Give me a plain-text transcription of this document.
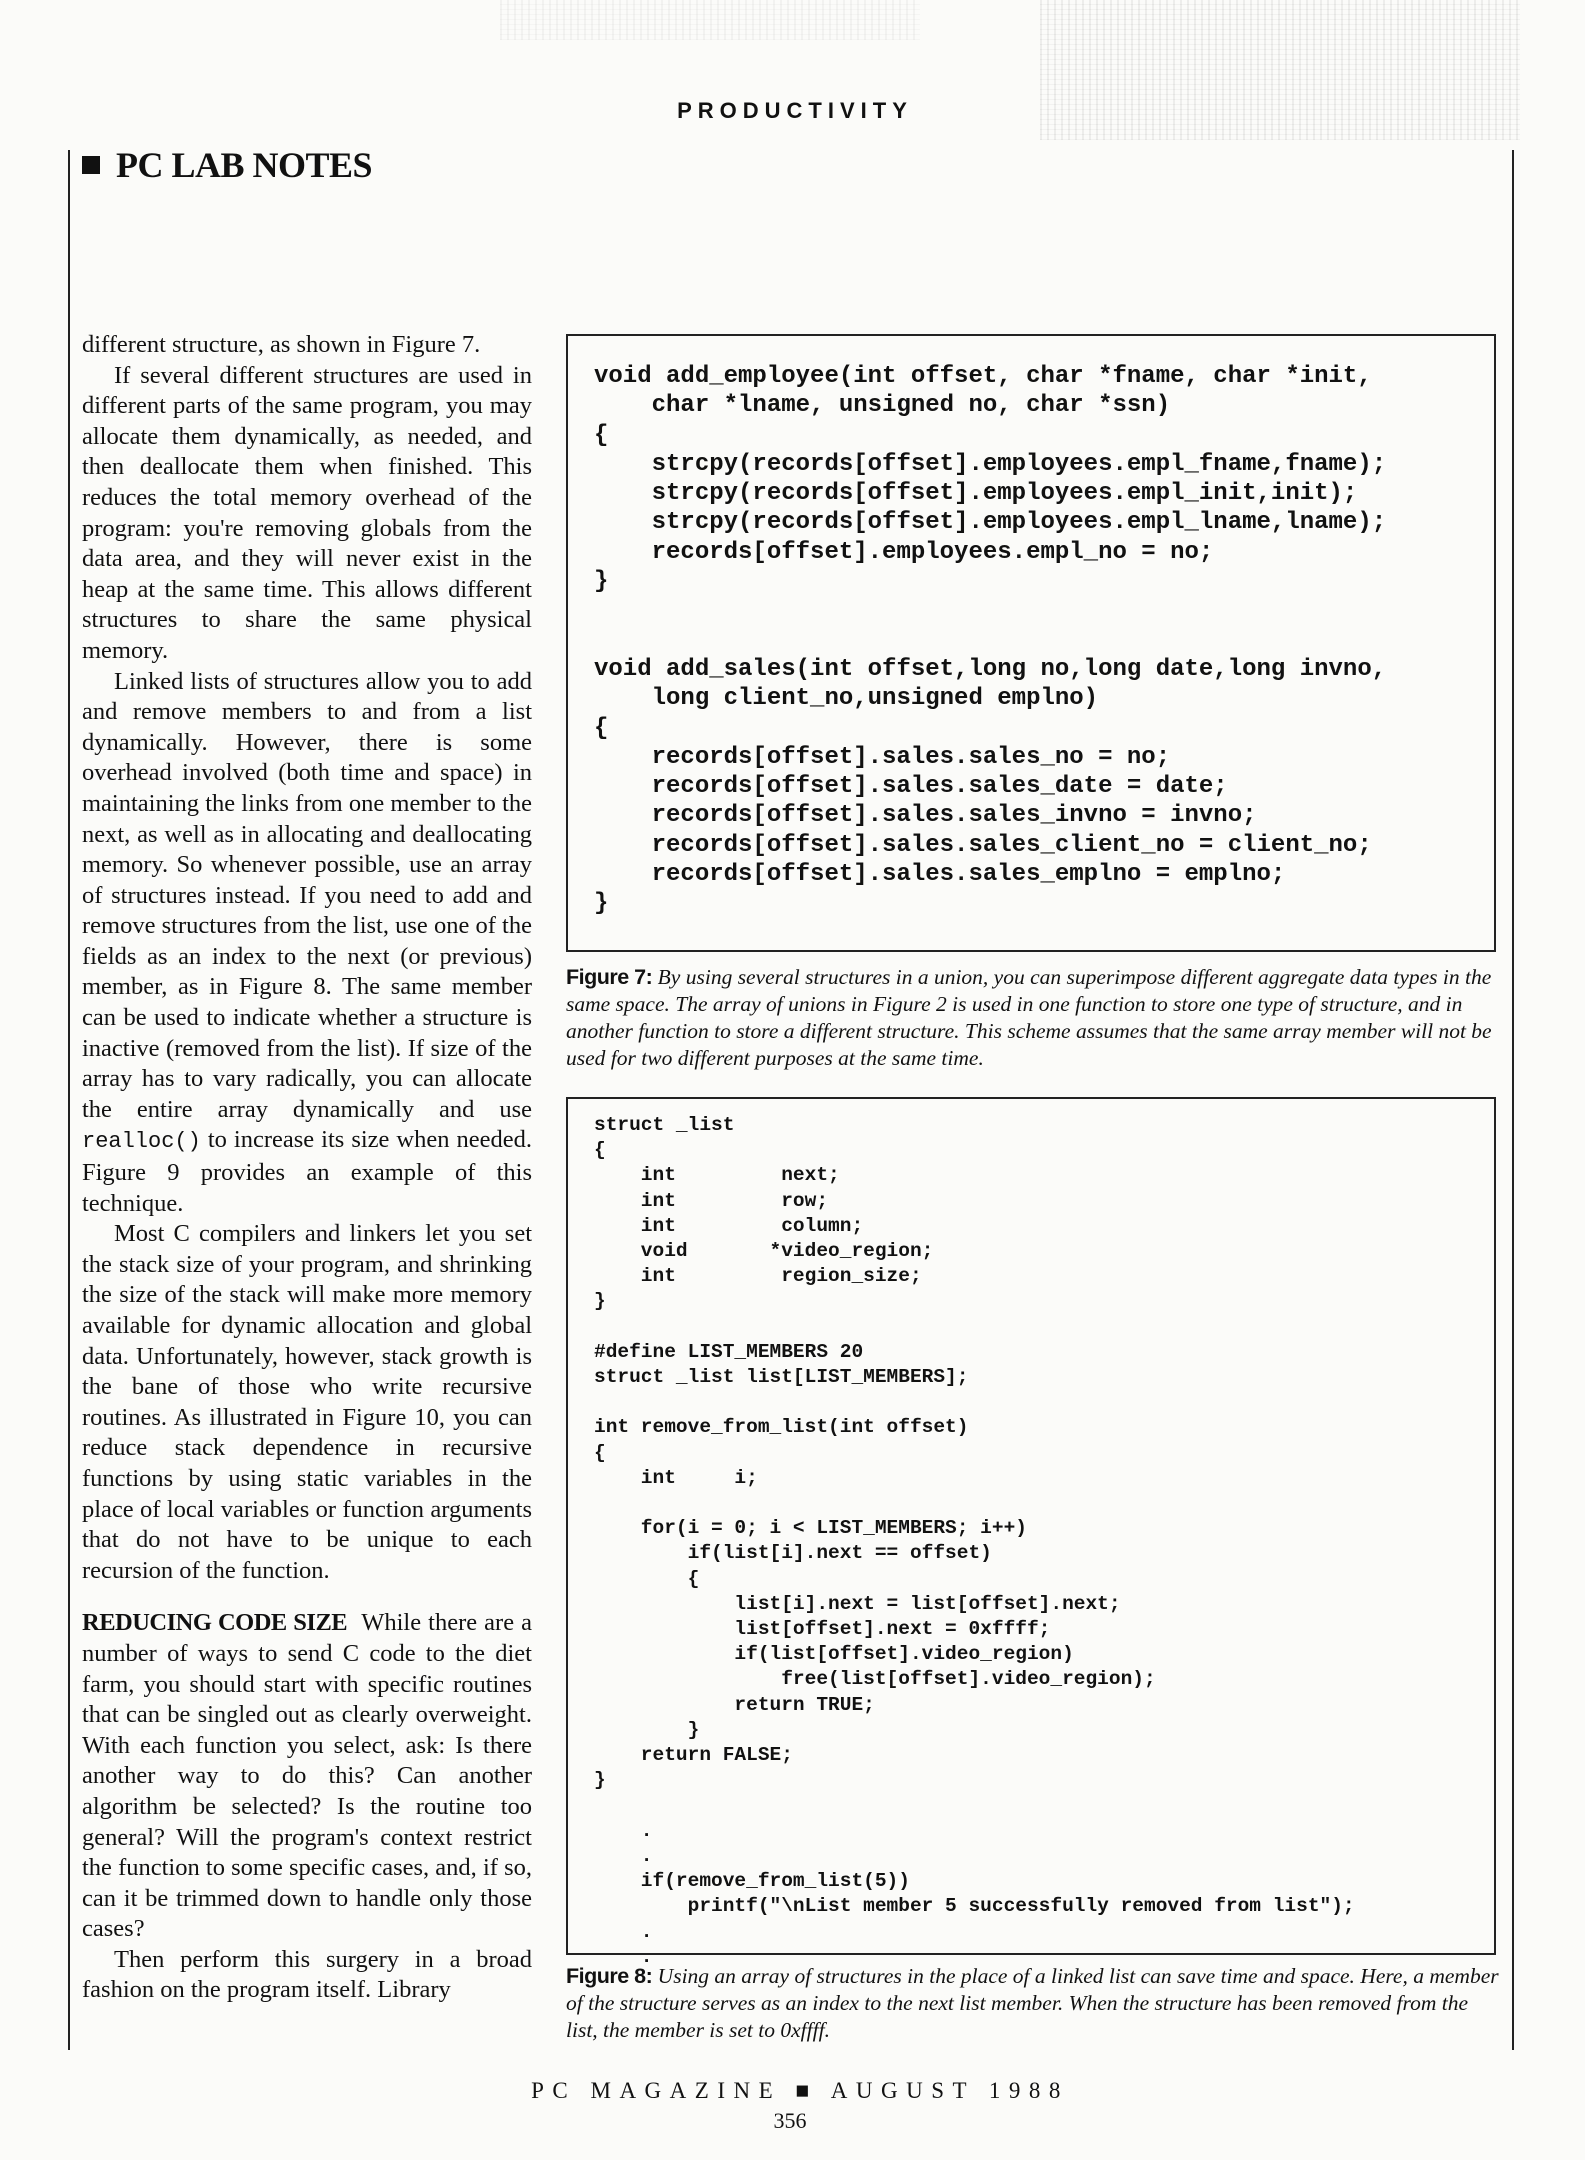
PRODUCTIVITY
PC LAB NOTES

different structure, as shown in Figure 7.

If several different structures are used in different parts of the same program, you may allocate them dynamically, as needed, and then deallocate them when finished. This reduces the total memory overhead of the program: you're removing globals from the data area, and they will never exist in the heap at the same time. This allows different structures to share the same physical memory.

Linked lists of structures allow you to add and remove members to and from a list dynamically. However, there is some overhead involved (both time and space) in maintaining the links from one member to the next, as well as in allocating and deallocating memory. So whenever possible, use an array of structures instead. If you need to add and remove structures from the list, use one of the fields as an index to the next (or previous) member, as in Figure 8. The same member can be used to indicate whether a structure is inactive (removed from the list). If size of the array has to vary radically, you can allocate the entire array dynamically and use realloc() to increase its size when needed. Figure 9 provides an example of this technique.

Most C compilers and linkers let you set the stack size of your program, and shrinking the size of the stack will make more memory available for dynamic allocation and global data. Unfortunately, however, stack growth is the bane of those who write recursive routines. As illustrated in Figure 10, you can reduce stack dependence in recursive functions by using static variables in the place of local variables or function arguments that do not have to be unique to each recursion of the function.

REDUCING CODE SIZE While there are a number of ways to send C code to the diet farm, you should start with specific routines that can be singled out as clearly overweight. With each function you select, ask: Is there another way to do this? Can another algorithm be selected? Is the routine too general? Will the program's context restrict the function to some specific cases, and, if so, can it be trimmed down to handle only those cases?

Then perform this surgery in a broad fashion on the program itself. Library

void add_employee(int offset, char *fname, char *init,
char *lname, unsigned no, char *ssn)
{
strcpy(records[offset].employees.empl_fname,fname);
strcpy(records[offset].employees.empl_init,init);
strcpy(records[offset].employees.empl_lname,lname);
records[offset].employees.empl_no = no;
}

void add_sales(int offset,long no,long date,long invno,
long client_no,unsigned emplno)
{
records[offset].sales.sales_no = no;
records[offset].sales.sales_date = date;
records[offset].sales.sales_invno = invno;
records[offset].sales.sales_client_no = client_no;
records[offset].sales.sales_emplno = emplno;
}
Figure 7: By using several structures in a union, you can superimpose different aggregate data types in the same space. The array of unions in Figure 2 is used in one function to store one type of structure, and in another function to store a different structure. This scheme assumes that the same array member will not be used for two different purposes at the same time.
struct _list
{
int         next;
int         row;
int         column;
void       *video_region;
int         region_size;
}

#define LIST_MEMBERS 20
struct _list list[LIST_MEMBERS];

int remove_from_list(int offset)
{
int     i;

for(i = 0; i < LIST_MEMBERS; i++)
if(list[i].next == offset)
{
list[i].next = list[offset].next;
list[offset].next = 0xffff;
if(list[offset].video_region)
free(list[offset].video_region);
return TRUE;
}
return FALSE;
}

.
.
if(remove_from_list(5))
printf("\nList member 5 successfully removed from list");
.
.
Figure 8: Using an array of structures in the place of a linked list can save time and space. Here, a member of the structure serves as an index to the next list member. When the structure has been removed from the list, the member is set to 0xffff.
PC MAGAZINE ■ AUGUST 1988
356
